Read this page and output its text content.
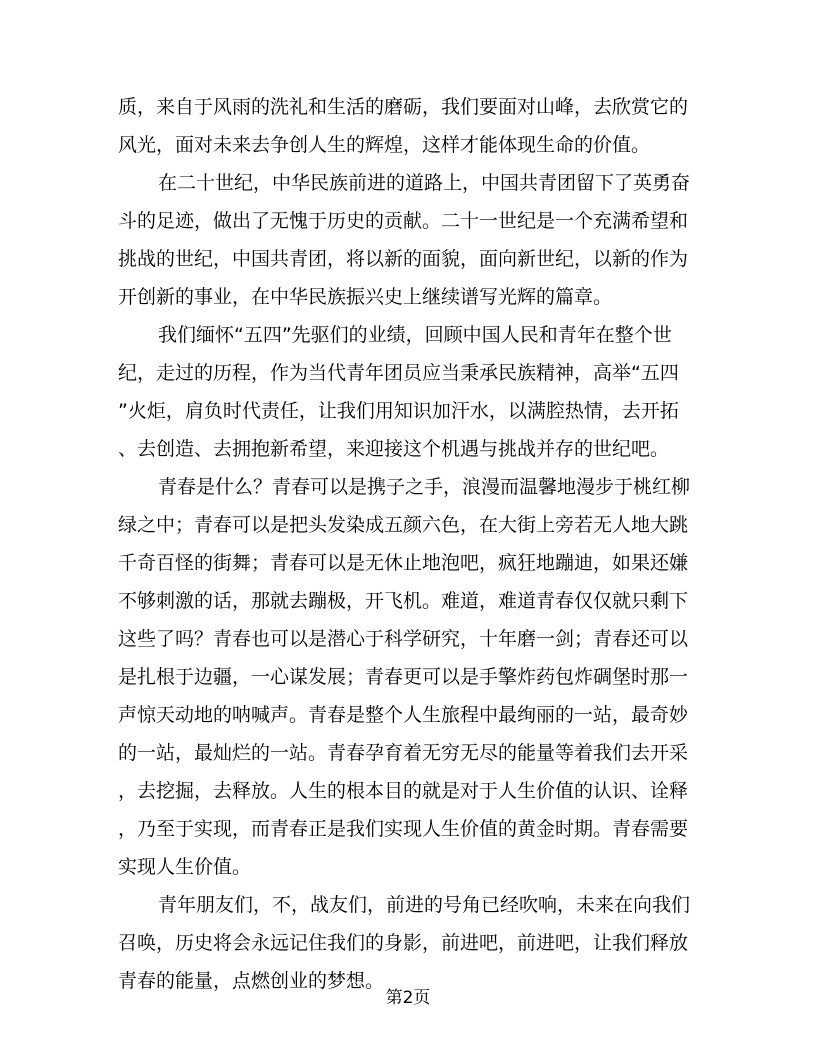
质，来自于风雨的洗礼和生活的磨砺，我们要面对山峰，去欣赏它的
风光，面对未来去争创人生的辉煌，这样才能体现生命的价值。
在二十世纪，中华民族前进的道路上，中国共青团留下了英勇奋
斗的足迹，做出了无愧于历史的贡献。二十一世纪是一个充满希望和
挑战的世纪，中国共青团，将以新的面貌，面向新世纪，以新的作为
开创新的事业，在中华民族振兴史上继续谱写光辉的篇章。
我们缅怀“五四”先驱们的业绩，回顾中国人民和青年在整个世
纪，走过的历程，作为当代青年团员应当秉承民族精神，高举“五四
”火炬，肩负时代责任，让我们用知识加汗水，以满腔热情，去开拓
、去创造、去拥抱新希望，来迎接这个机遇与挑战并存的世纪吧。
青春是什么？青春可以是携子之手，浪漫而温馨地漫步于桃红柳
绿之中；青春可以是把头发染成五颜六色，在大街上旁若无人地大跳
千奇百怪的街舞；青春可以是无休止地泡吧，疯狂地蹦迪，如果还嫌
不够刺激的话，那就去蹦极，开飞机。难道，难道青春仅仅就只剩下
这些了吗？青春也可以是潜心于科学研究，十年磨一剑；青春还可以
是扎根于边疆，一心谋发展；青春更可以是手擎炸药包炸碉堡时那一
声惊天动地的呐喊声。青春是整个人生旅程中最绚丽的一站，最奇妙
的一站，最灿烂的一站。青春孕育着无穷无尽的能量等着我们去开采
，去挖掘，去释放。人生的根本目的就是对于人生价值的认识、诠释
，乃至于实现，而青春正是我们实现人生价值的黄金时期。青春需要
实现人生价值。
青年朋友们，不，战友们，前进的号角已经吹响，未来在向我们
召唤，历史将会永远记住我们的身影，前进吧，前进吧，让我们释放
青春的能量，点燃创业的梦想。
第2页
